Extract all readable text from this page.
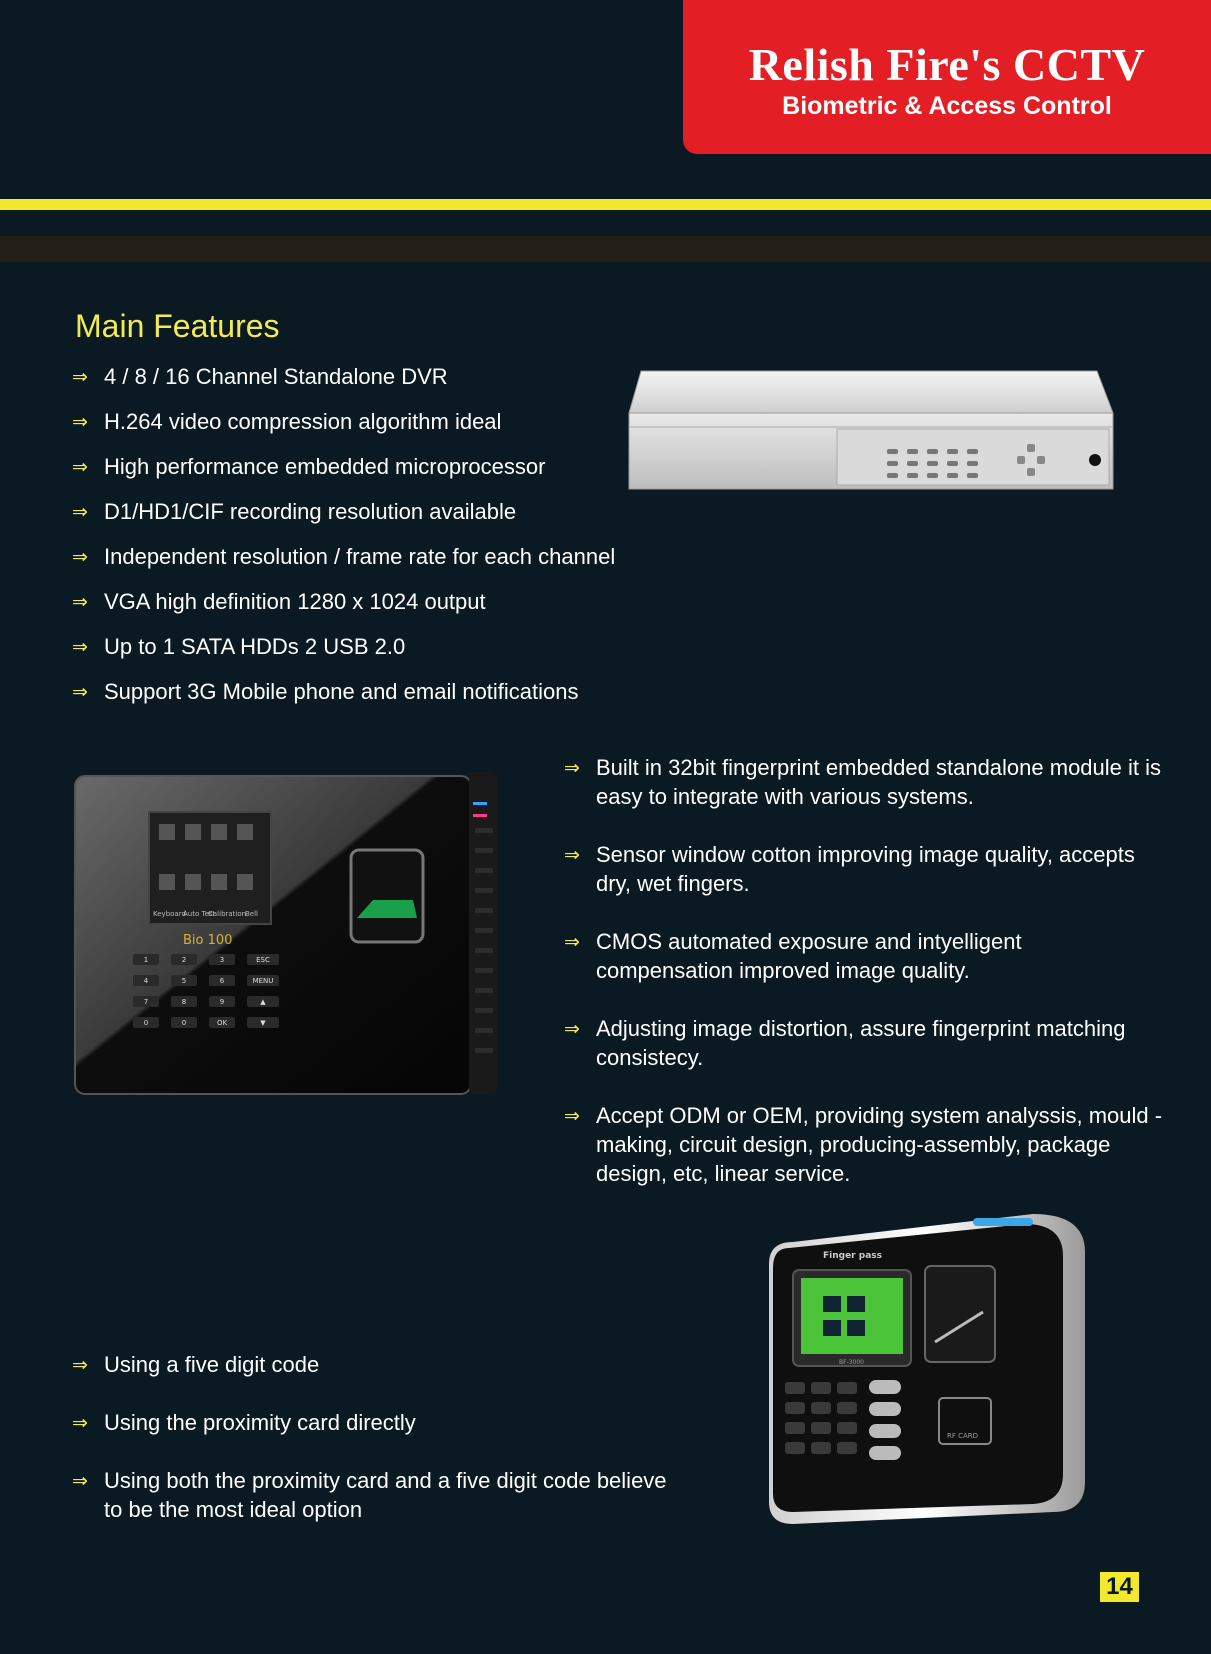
Relish Fire's CCTV
Biometric & Access Control
Main Features
⇒ 4 / 8 / 16 Channel Standalone DVR
⇒ H.264 video compression algorithm ideal
⇒ High performance embedded microprocessor
⇒ D1/HD1/CIF recording resolution available
⇒ Independent resolution / frame rate for each channel
⇒ VGA high definition 1280 x 1024 output
⇒ Up to 1 SATA HDDs 2 USB 2.0
⇒ Support 3G Mobile phone and email notifications
Keyboard
Auto Test
Calibration
Bell
Bio 100
1	2	3	ESC
4	5	6	MENU
7	8	9	▲
0	0	OK	▼
⇒ Built in 32bit fingerprint embedded standalone module it is easy to integrate with various systems.
⇒ Sensor window cotton improving image quality, accepts dry, wet fingers.
⇒ CMOS automated exposure and intyelligent compensation improved image quality.
⇒ Adjusting image distortion, assure fingerprint matching consistecy.
⇒ Accept ODM or OEM, providing system analyssis, mould -making, circuit design, producing-assembly, package design, etc, linear service.
⇒ Using a five digit code
⇒ Using the proximity card directly
⇒ Using both the proximity card and a five digit code believe to be the most ideal option
Finger pass
BF-3000
RF CARD
14
